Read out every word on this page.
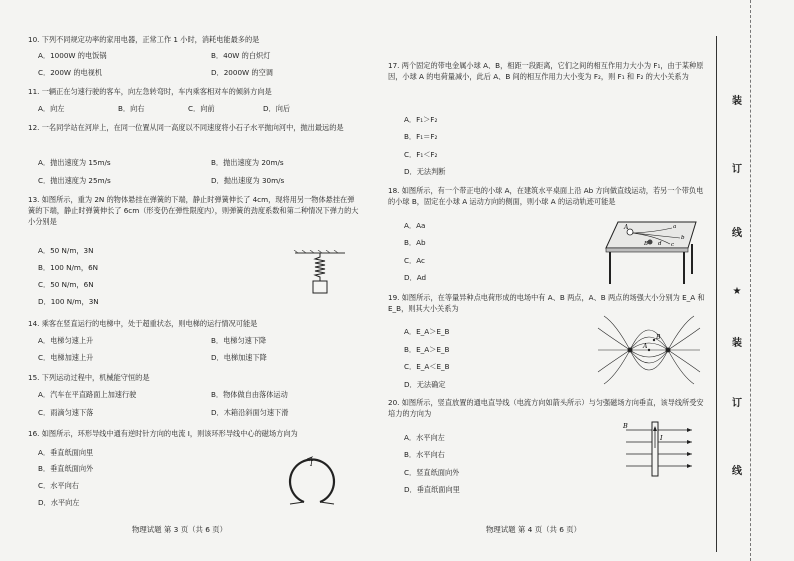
10. 下列不同规定功率的家用电器，正常工作 1 小时，消耗电能最多的是
A．1000W 的电饭锅	B．40W 的白炽灯
C．200W 的电视机	D．2000W 的空调
11. 一辆正在匀速行驶的客车，向左急转弯时，车内乘客相对车的倾斜方向是
A．向左	B．向右	C．向前	D．向后
12. 一名同学站在河岸上，在同一位置从同一高度以不同速度将小石子水平抛向河中，抛出最远的是
A．抛出速度为 15m/s	B．抛出速度为 20m/s
C．抛出速度为 25m/s	D．抛出速度为 30m/s
13. 如图所示，重为 2N 的物体悬挂在弹簧的下端，静止时弹簧伸长了 4cm，现将用另一物体悬挂在弹簧的下端，静止时弹簧伸长了 6cm（形变仍在弹性限度内），则弹簧的劲度系数和第二种情况下弹力的大小分别是
A．50 N/m，3N
B．100 N/m，6N
C．50 N/m，6N
D．100 N/m，3N
14. 乘客在竖直运行的电梯中，处于超重状态，则电梯的运行情况可能是
A．电梯匀速上升	B．电梯匀速下降
C．电梯加速上升	D．电梯加速下降
15. 下列运动过程中，机械能守恒的是
A．汽车在平直路面上加速行驶	B．物体做自由落体运动
C．雨滴匀速下落	D．木箱沿斜面匀速下滑
16. 如图所示，环形导线中通有逆时针方向的电流 I，则该环形导线中心的磁场方向为
A．垂直纸面向里
B．垂直纸面向外
C．水平向右
D．水平向左
I
物理试题 第 3 页（共 6 页）
17. 两个固定的带电金属小球 A、B，相距一段距离，它们之间的相互作用力大小为 F₁，由于某种原因，小球 A 的电荷量减小，此后 A、B 间的相互作用力大小变为 F₂，则 F₁ 和 F₂ 的大小关系为
A．F₁＞F₂
B．F₁＝F₂
C．F₁＜F₂
D．无法判断
18. 如图所示，有一个带正电的小球 A，在建筑水平桌面上沿 Ab 方向做直线运动，若另一个带负电的小球 B，固定在小球 A 运动方向的侧面，则小球 A 的运动轨迹可能是
A．Aa
B．Ab
C．Ac
D．Ad
A	a
b
c
d
B
19. 如图所示，在等量异种点电荷形成的电场中有 A、B 两点，A、B 两点的场强大小分别为 E_A 和 E_B，则其大小关系为
A．E_A＞E_B
B．E_A＞E_B
C．E_A＜E_B
D．无法确定
A
B
20. 如图所示，竖直放置的通电直导线（电流方向如箭头所示）与匀强磁场方向垂直，该导线所受安培力的方向为
A．水平向左
B．水平向右
C．竖直纸面向外
D．垂直纸面向里
B
I
物理试题 第 4 页（共 6 页）
装
订
线
★
装
订
线
